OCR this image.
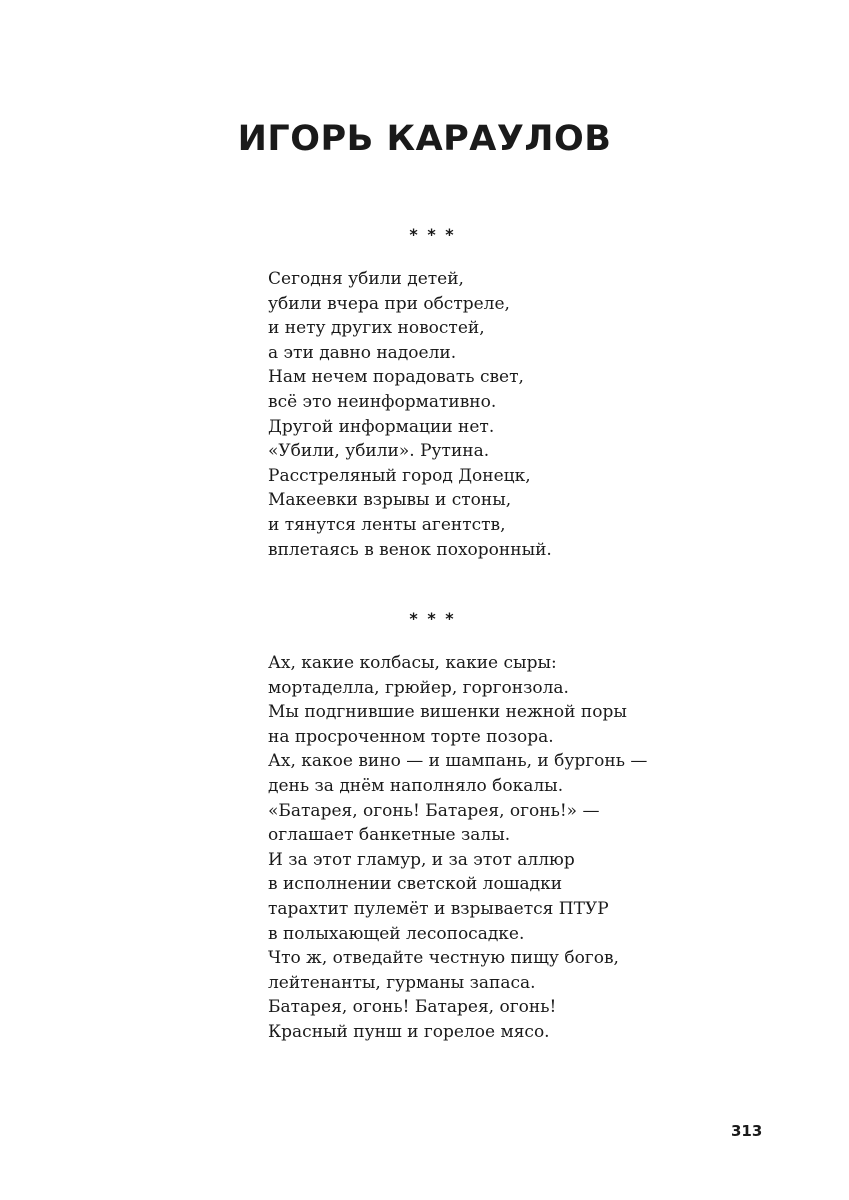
ИГОРЬ КАРАУЛОВ
* * *
Сегодня убили детей,
убили вчера при обстреле,
и нету других новостей,
а эти давно надоели.
Нам нечем порадовать свет,
всё это неинформативно.
Другой информации нет.
«Убили, убили». Рутина.
Расстреляный город Донецк,
Макеевки взрывы и стоны,
и тянутся ленты агентств,
вплетаясь в венок похоронный.
* * *
Ах, какие колбасы, какие сыры:
мортаделла, грюйер, горгонзола.
Мы подгнившие вишенки нежной поры
на просроченном торте позора.
Ах, какое вино — и шампань, и бургонь —
день за днём наполняло бокалы.
«Батарея, огонь! Батарея, огонь!» —
оглашает банкетные залы.
И за этот гламур, и за этот аллюр
в исполнении светской лошадки
тарахтит пулемёт и взрывается ПТУР
в полыхающей лесопосадке.
Что ж, отведайте честную пищу богов,
лейтенанты, гурманы запаса.
Батарея, огонь! Батарея, огонь!
Красный пунш и горелое мясо.
313
